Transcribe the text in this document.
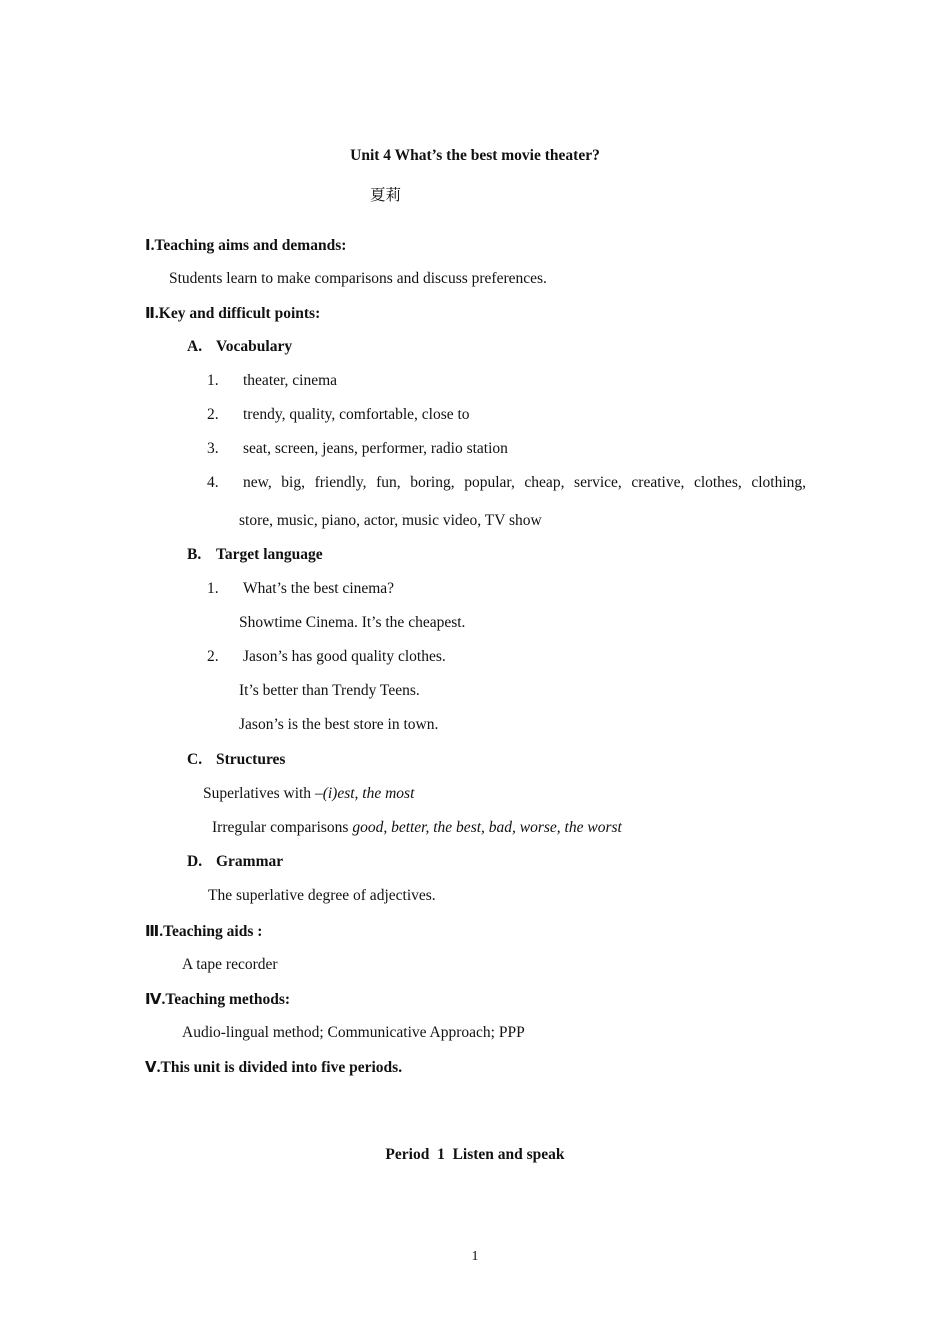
Unit 4 What’s the best movie theater?
夏莉
Ⅰ.Teaching aims and demands:
Students learn to make comparisons and discuss preferences.
Ⅱ.Key and difficult points:
A. Vocabulary
1. theater, cinema
2. trendy, quality, comfortable, close to
3. seat, screen, jeans, performer, radio station
4. new, big, friendly, fun, boring, popular, cheap, service, creative, clothes, clothing,
store, music, piano, actor, music video, TV show
B. Target language
1. What’s the best cinema?
Showtime Cinema. It’s the cheapest.
2. Jason’s has good quality clothes.
It’s better than Trendy Teens.
Jason’s is the best store in town.
C. Structures
Superlatives with –(i)est, the most
Irregular comparisons good, better, the best, bad, worse, the worst
D. Grammar
The superlative degree of adjectives.
Ⅲ.Teaching aids :
A tape recorder
Ⅳ.Teaching methods:
Audio-lingual method; Communicative Approach; PPP
Ⅴ.This unit is divided into five periods.
Period  1  Listen and speak
1
